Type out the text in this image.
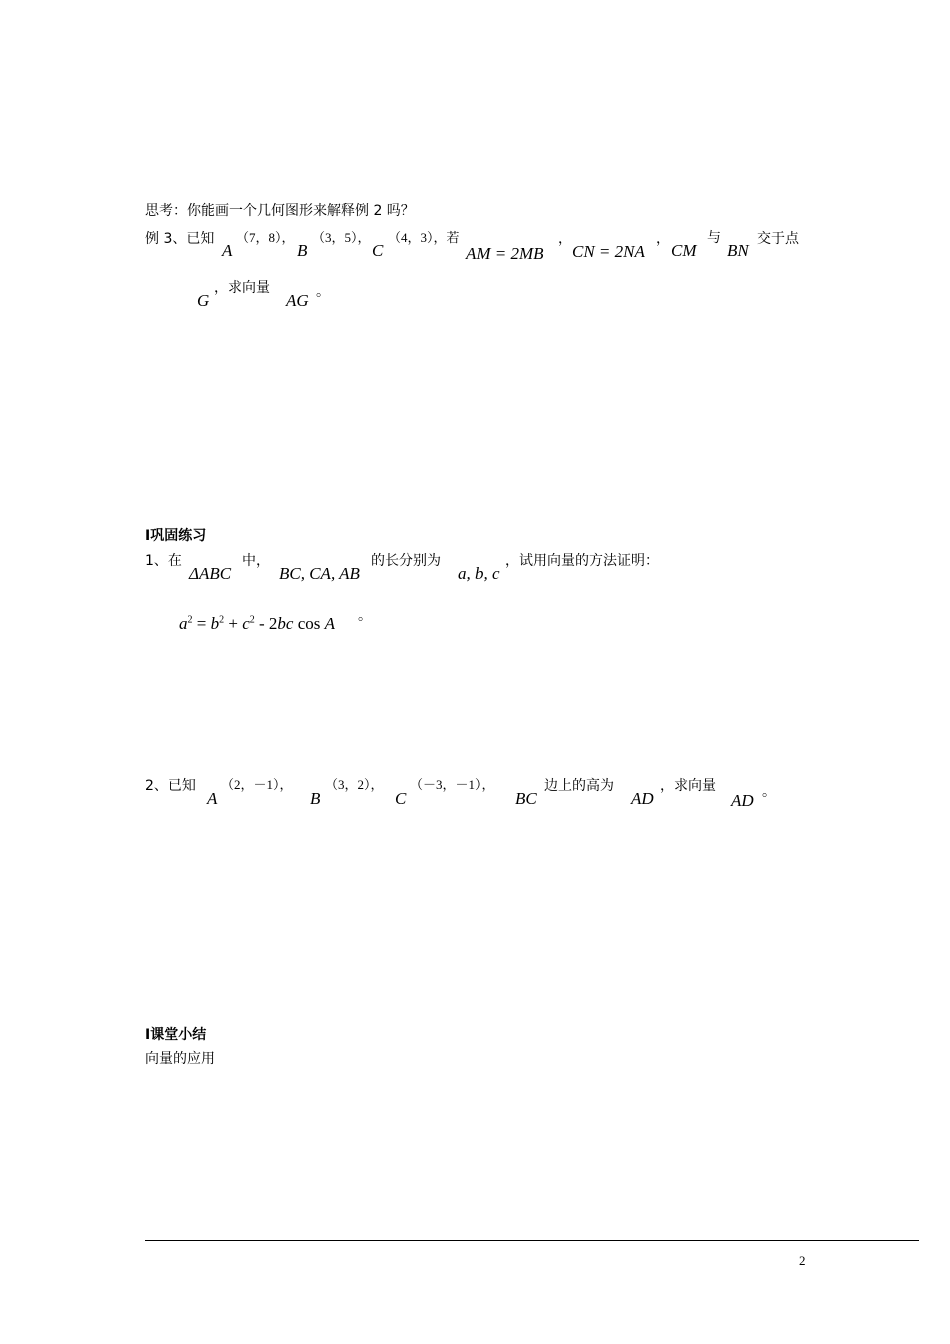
思考：你能画一个几何图形来解释例 2 吗？
例 3、已知
A
（7，8），
B
（3，5），
C
（4，3），若
AM = 2MB
，
CN = 2NA
，
CM
与
BN
交于点
G
，求向量
AG 。
I巩固练习
1、在
ΔABC
中，
BC, CA, AB
的长分别为
a, b, c
，试用向量的方法证明：
$a^2 = b^2 + c^2 - 2bc$ cos A 。
2、已知
A
（2，－1），
B
（3，2），
C
（－3，－1），
BC
边上的高为
AD
，求向量
AD 。
I课堂小结
向量的应用
2
